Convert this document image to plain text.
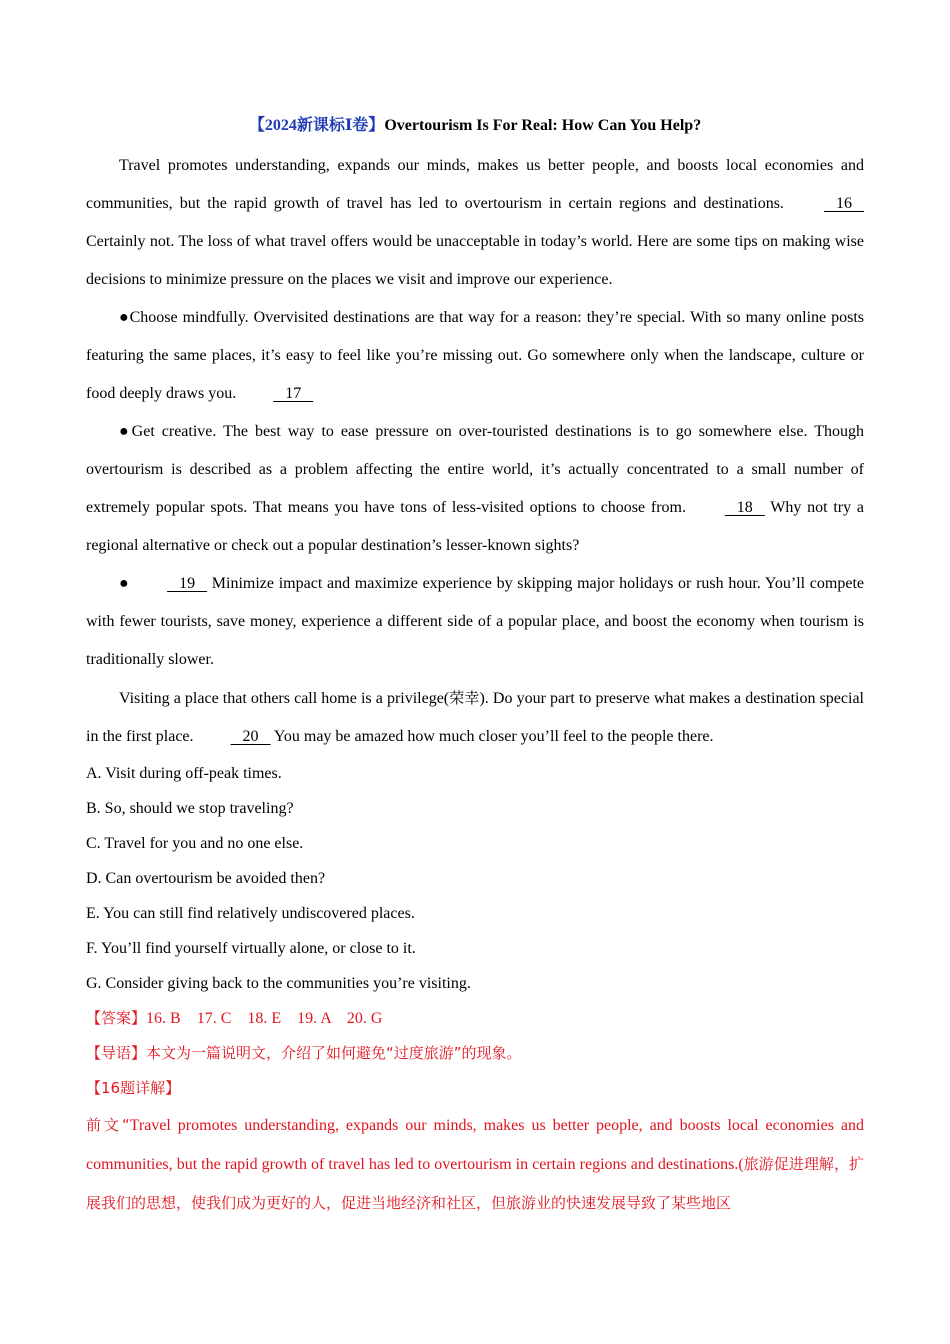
【2024新课标Ⅰ卷】Overtourism Is For Real: How Can You Help?

Travel promotes understanding, expands our minds, makes us better people, and boosts local economies and communities, but the rapid growth of travel has led to overtourism in certain regions and destinations.    16    Certainly not. The loss of what travel offers would be unacceptable in today’s world. Here are some tips on making wise decisions to minimize pressure on the places we visit and improve our experience.

●Choose mindfully. Overvisited destinations are that way for a reason: they’re special. With so many online posts featuring the same places, it’s easy to feel like you’re missing out. Go somewhere only when the landscape, culture or food deeply draws you.    17

●Get creative. The best way to ease pressure on over-touristed destinations is to go somewhere else. Though overtourism is described as a problem affecting the entire world, it’s actually concentrated to a small number of extremely popular spots. That means you have tons of less-visited options to choose from.    18    Why not try a regional alternative or check out a popular destination’s lesser-known sights?

●    19    Minimize impact and maximize experience by skipping major holidays or rush hour. You’ll compete with fewer tourists, save money, experience a different side of a popular place, and boost the economy when tourism is traditionally slower.

Visiting a place that others call home is a privilege(荣幸). Do your part to preserve what makes a destination special in the first place.    20    You may be amazed how much closer you’ll feel to the people there.

A. Visit during off-peak times.

B. So, should we stop traveling?

C. Travel for you and no one else.

D. Can overtourism be avoided then?

E. You can still find relatively undiscovered places.

F. You’ll find yourself virtually alone, or close to it.

G. Consider giving back to the communities you’re visiting.

【答案】16. B    17. C    18. E    19. A    20. G

【导语】本文为一篇说明文，介绍了如何避免“过度旅游”的现象。

【16题详解】

前文“Travel promotes understanding, expands our minds, makes us better people, and boosts local economies and communities, but the rapid growth of travel has led to overtourism in certain regions and destinations.(旅游促进理解，扩展我们的思想，使我们成为更好的人，促进当地经济和社区，但旅游业的快速发展导致了某些地区
